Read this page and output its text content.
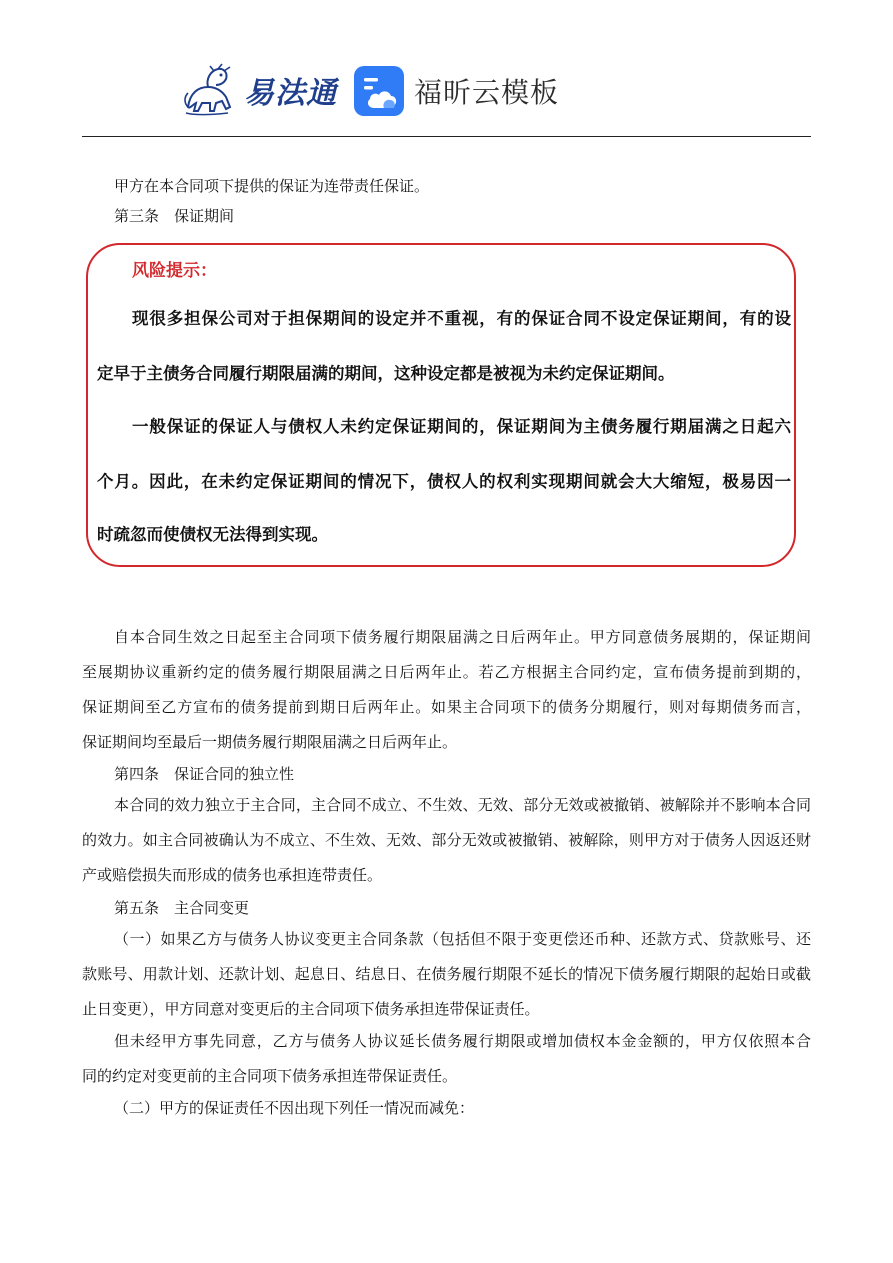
易法通	福昕云模板
甲方在本合同项下提供的保证为连带责任保证。
第三条　保证期间
风险提示：
现很多担保公司对于担保期间的设定并不重视，有的保证合同不设定保证期间，有的设
定早于主债务合同履行期限届满的期间，这种设定都是被视为未约定保证期间。
一般保证的保证人与债权人未约定保证期间的，保证期间为主债务履行期届满之日起六
个月。因此，在未约定保证期间的情况下，债权人的权利实现期间就会大大缩短，极易因一
时疏忽而使债权无法得到实现。
自本合同生效之日起至主合同项下债务履行期限届满之日后两年止。甲方同意债务展期的，保证期间
至展期协议重新约定的债务履行期限届满之日后两年止。若乙方根据主合同约定，宣布债务提前到期的，
保证期间至乙方宣布的债务提前到期日后两年止。如果主合同项下的债务分期履行，则对每期债务而言，
保证期间均至最后一期债务履行期限届满之日后两年止。
第四条　保证合同的独立性
本合同的效力独立于主合同，主合同不成立、不生效、无效、部分无效或被撤销、被解除并不影响本合同
的效力。如主合同被确认为不成立、不生效、无效、部分无效或被撤销、被解除，则甲方对于债务人因返还财
产或赔偿损失而形成的债务也承担连带责任。
第五条　主合同变更
（一）如果乙方与债务人协议变更主合同条款（包括但不限于变更偿还币种、还款方式、贷款账号、还
款账号、用款计划、还款计划、起息日、结息日、在债务履行期限不延长的情况下债务履行期限的起始日或截
止日变更），甲方同意对变更后的主合同项下债务承担连带保证责任。
但未经甲方事先同意，乙方与债务人协议延长债务履行期限或增加债权本金金额的，甲方仅依照本合
同的约定对变更前的主合同项下债务承担连带保证责任。
（二）甲方的保证责任不因出现下列任一情况而减免：
